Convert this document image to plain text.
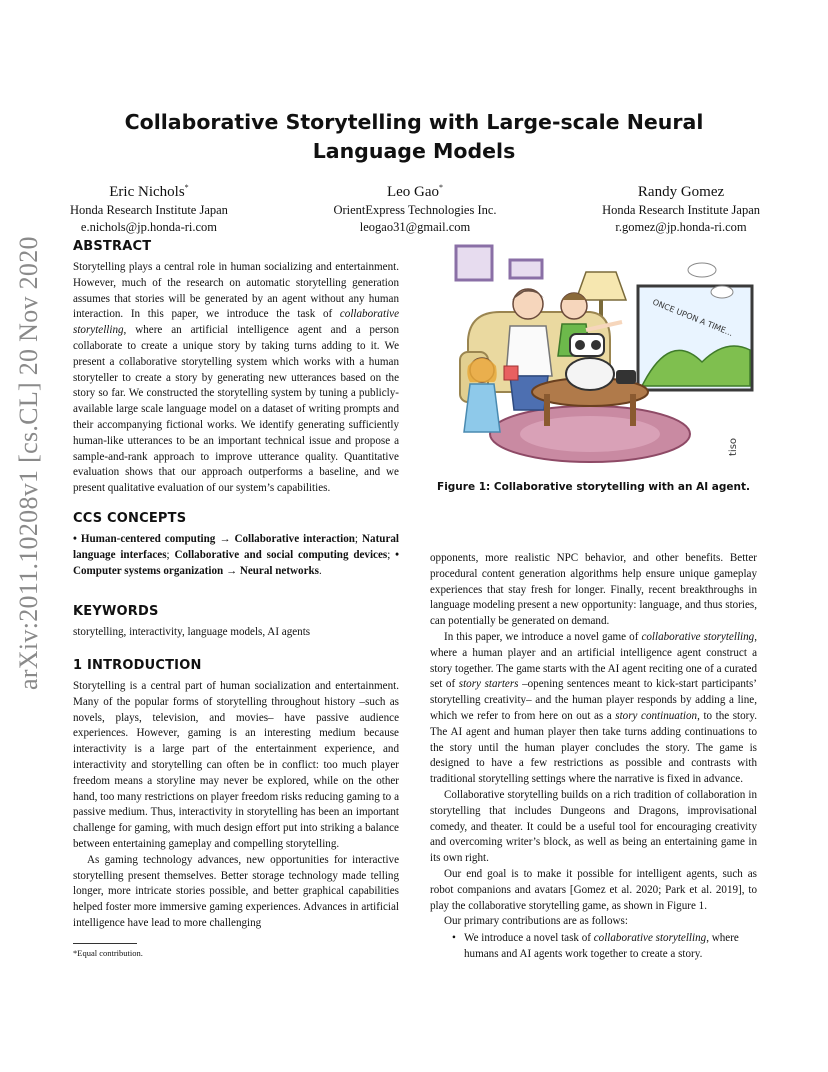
arXiv:2011.10208v1 [cs.CL] 20 Nov 2020
Collaborative Storytelling with Large-scale Neural Language Models
Eric Nichols*
Honda Research Institute Japan
e.nichols@jp.honda-ri.com
Leo Gao*
OrientExpress Technologies Inc.
leogao31@gmail.com
Randy Gomez
Honda Research Institute Japan
r.gomez@jp.honda-ri.com
ABSTRACT

Storytelling plays a central role in human socializing and entertainment. However, much of the research on automatic storytelling generation assumes that stories will be generated by an agent without any human interaction. In this paper, we introduce the task of collaborative storytelling, where an artificial intelligence agent and a person collaborate to create a unique story by taking turns adding to it. We present a collaborative storytelling system which works with a human storyteller to create a story by generating new utterances based on the story so far. We constructed the storytelling system by tuning a publicly-available large scale language model on a dataset of writing prompts and their accompanying fictional works. We identify generating sufficiently human-like utterances to be an important technical issue and propose a sample-and-rank approach to improve utterance quality. Quantitative evaluation shows that our approach outperforms a baseline, and we present qualitative evaluation of our system’s capabilities.

CCS CONCEPTS

• Human-centered computing → Collaborative interaction; Natural language interfaces; Collaborative and social computing devices; • Computer systems organization → Neural networks.

KEYWORDS

storytelling, interactivity, language models, AI agents

1 INTRODUCTION

Storytelling is a central part of human socialization and entertainment. Many of the popular forms of storytelling throughout history –such as novels, plays, television, and movies– have passive audience experiences. However, gaming is an interesting medium because interactivity is a large part of the entertainment experience, and interactivity and storytelling can often be in conflict: too much player freedom means a storyline may never be explored, while on the other hand, too many restrictions on player freedom risks reducing gaming to a passive medium. Thus, interactivity in storytelling has been an important challenge for gaming, with much design effort put into striking a balance between entertaining gameplay and compelling storytelling.

As gaming technology advances, new opportunities for interactive storytelling present themselves. Better storage technology made telling longer, more intricate stories possible, and better graphical capabilities helped foster more immersive gaming experiences. Advances in artificial intelligence have lead to more challenging

*Equal contribution.
ONCE UPON A TIME...
tiso
Figure 1: Collaborative storytelling with an AI agent.

opponents, more realistic NPC behavior, and other benefits. Better procedural content generation algorithms help ensure unique gameplay experiences that stay fresh for longer. Finally, recent breakthroughs in language modeling present a new opportunity: language, and thus stories, can potentially be generated on demand.

In this paper, we introduce a novel game of collaborative storytelling, where a human player and an artificial intelligence agent construct a story together. The game starts with the AI agent reciting one of a curated set of story starters –opening sentences meant to kick-start participants’ storytelling creativity– and the human player responds by adding a line, which we refer to from here on out as a story continuation, to the story. The AI agent and human player then take turns adding continuations to the story until the human player concludes the story. The game is designed to have a few restrictions as possible and contrasts with traditional storytelling settings where the narrative is fixed in advance.

Collaborative storytelling builds on a rich tradition of collaboration in storytelling that includes Dungeons and Dragons, improvisational comedy, and theater. It could be a useful tool for encouraging creativity and overcoming writer’s block, as well as being an entertaining game in its own right.

Our end goal is to make it possible for intelligent agents, such as robot companions and avatars [Gomez et al. 2020; Park et al. 2019], to play the collaborative storytelling game, as shown in Figure 1.

Our primary contributions are as follows:

• We introduce a novel task of collaborative storytelling, where humans and AI agents work together to create a story.
